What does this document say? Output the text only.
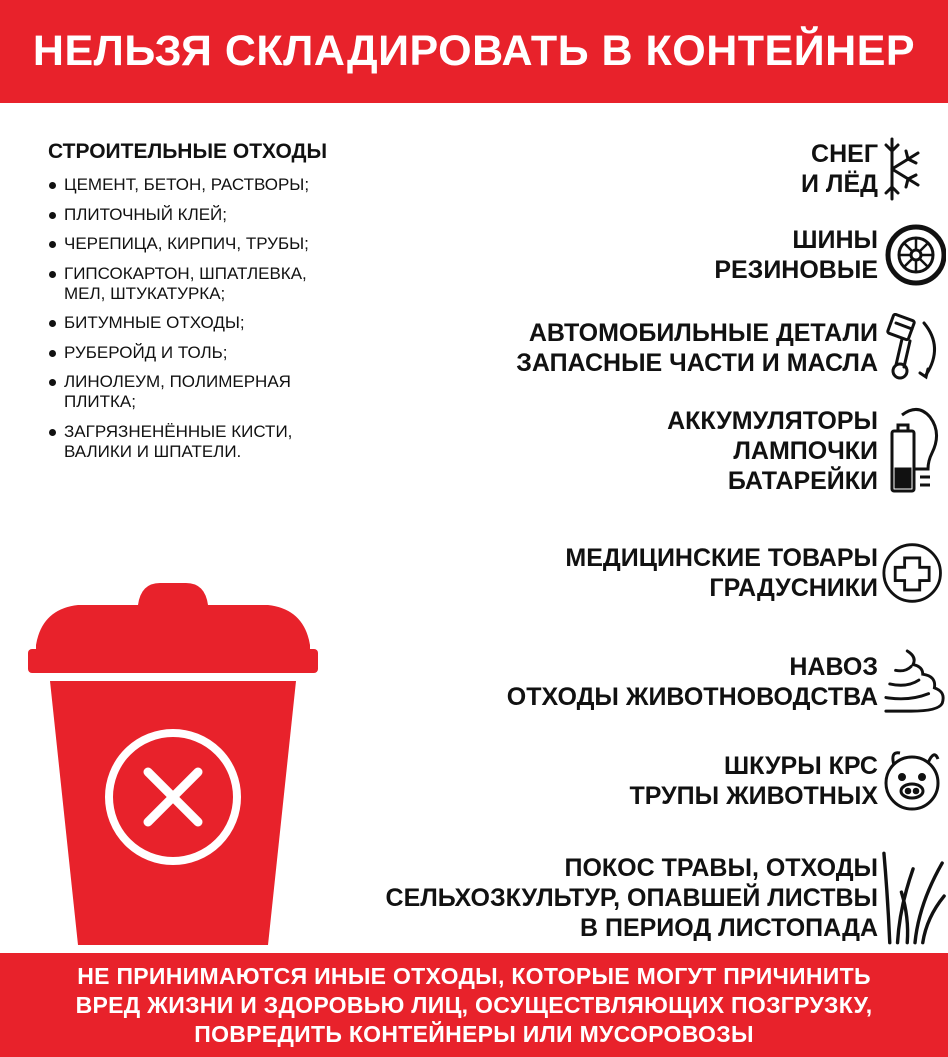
НЕЛЬЗЯ СКЛАДИРОВАТЬ В КОНТЕЙНЕР
СТРОИТЕЛЬНЫЕ ОТХОДЫ
ЦЕМЕНТ, БЕТОН, РАСТВОРЫ;
ПЛИТОЧНЫЙ КЛЕЙ;
ЧЕРЕПИЦА, КИРПИЧ, ТРУБЫ;
ГИПСОКАРТОН, ШПАТЛЕВКА,
МЕЛ, ШТУКАТУРКА;
БИТУМНЫЕ ОТХОДЫ;
РУБЕРОЙД И ТОЛЬ;
ЛИНОЛЕУМ, ПОЛИМЕРНАЯ
ПЛИТКА;
ЗАГРЯЗНЕНЁННЫЕ КИСТИ,
ВАЛИКИ И ШПАТЕЛИ.
СНЕГ
И ЛЁД
ШИНЫ
РЕЗИНОВЫЕ
АВТОМОБИЛЬНЫЕ ДЕТАЛИ
ЗАПАСНЫЕ ЧАСТИ И МАСЛА
АККУМУЛЯТОРЫ
ЛАМПОЧКИ
БАТАРЕЙКИ
МЕДИЦИНСКИЕ ТОВАРЫ
ГРАДУСНИКИ
НАВОЗ
ОТХОДЫ ЖИВОТНОВОДСТВА
ШКУРЫ КРС
ТРУПЫ ЖИВОТНЫХ
ПОКОС ТРАВЫ, ОТХОДЫ
СЕЛЬХОЗКУЛЬТУР, ОПАВШЕЙ ЛИСТВЫ
В ПЕРИОД ЛИСТОПАДА
НЕ ПРИНИМАЮТСЯ ИНЫЕ ОТХОДЫ, КОТОРЫЕ МОГУТ ПРИЧИНИТЬ
ВРЕД ЖИЗНИ И ЗДОРОВЬЮ ЛИЦ, ОСУЩЕСТВЛЯЮЩИХ ПОЗГРУЗКУ,
ПОВРЕДИТЬ КОНТЕЙНЕРЫ ИЛИ МУСОРОВОЗЫ
